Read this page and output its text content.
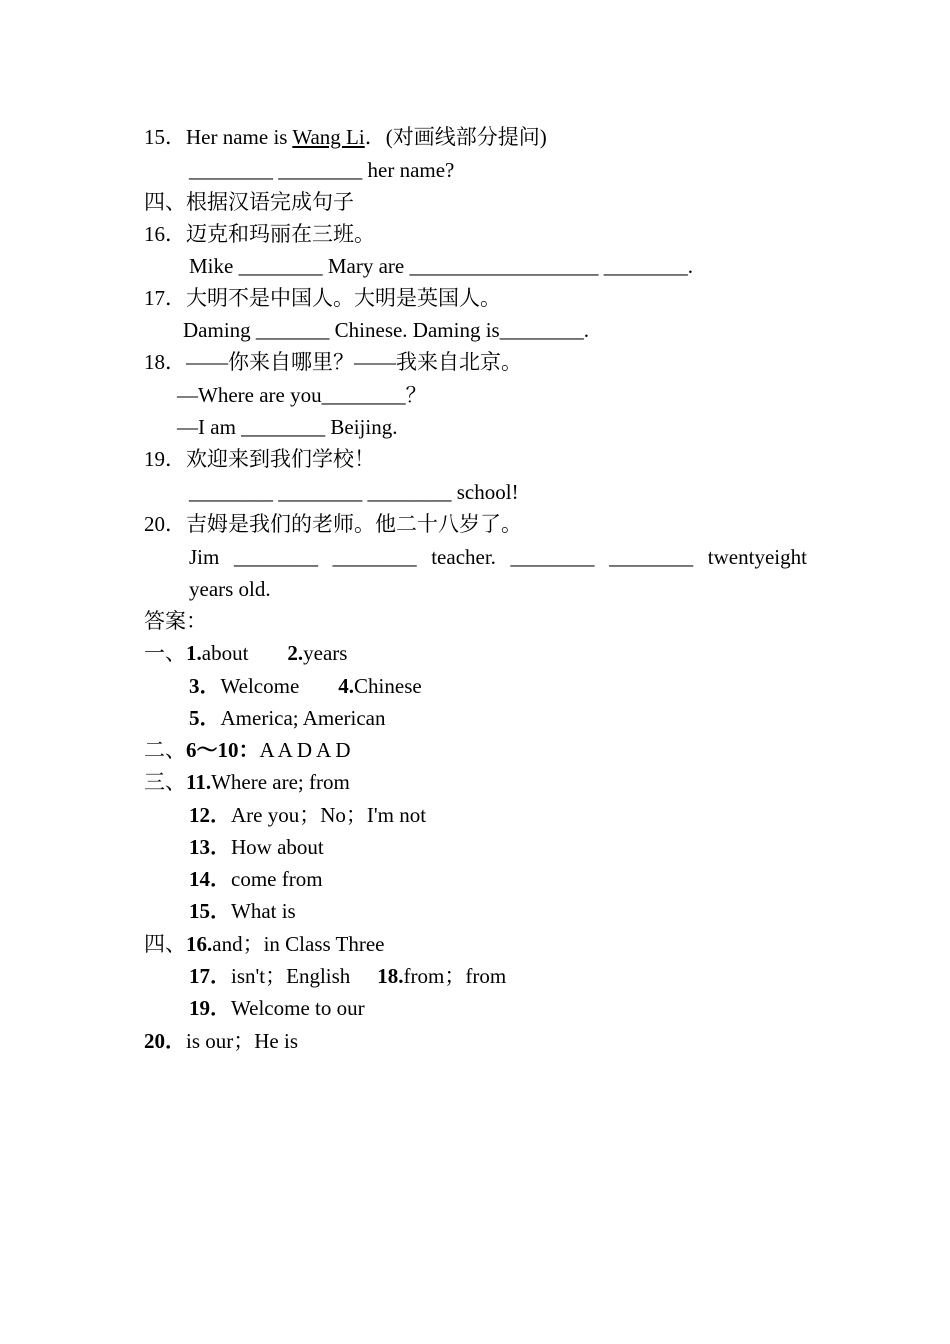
15．Her name is Wang Li．(对画线部分提问)
________ ________ her name?
四、根据汉语完成句子
16．迈克和玛丽在三班。
Mike ________ Mary are __________________ ________.
17．大明不是中国人。大明是英国人。
Daming _______ Chinese. Daming is________.
18．——你来自哪里？——我来自北京。
—Where are you________？
—I am ________ Beijing.
19．欢迎来到我们学校！
________ ________ ________ school!
20．吉姆是我们的老师。他二十八岁了。
Jim ________ ________ teacher. ________ ________ twentyeight
years old.
答案：
一、1.about 2.years
3．Welcome 4.Chinese
5．America; American
二、6～10：A A D A D
三、11.Where are; from
12．Are you；No；I'm not
13．How about
14．come from
15．What is
四、16.and；in Class Three
17．isn't；English 18.from；from
19．Welcome to our
20．is our；He is
